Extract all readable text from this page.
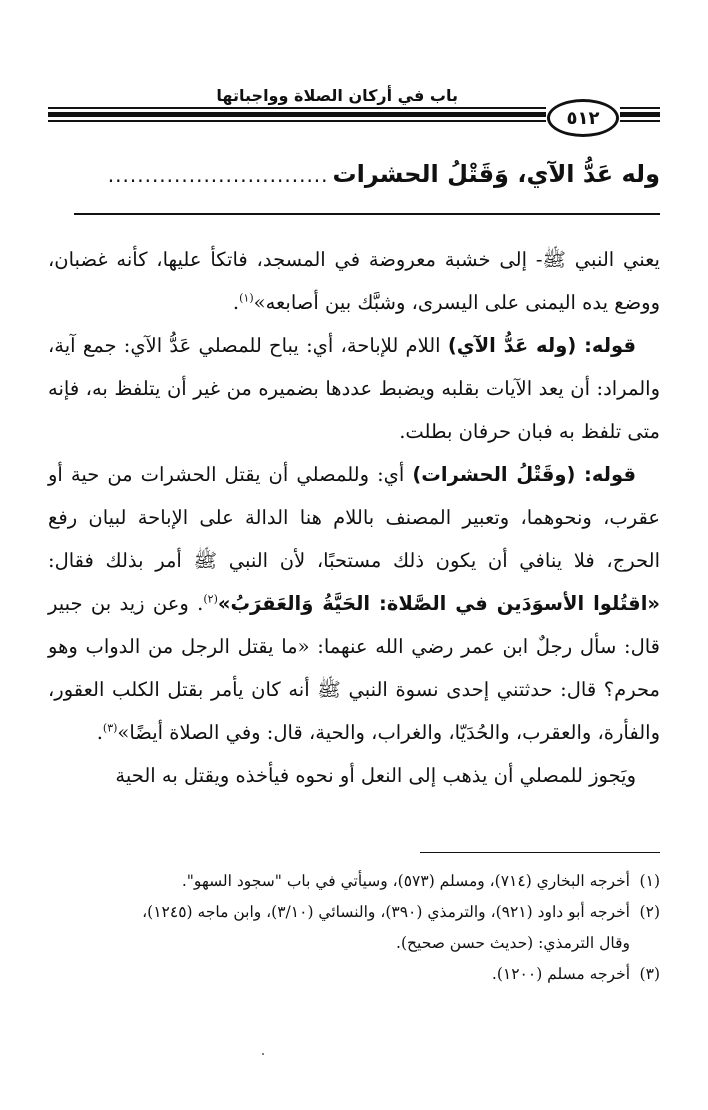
باب في أركان الصلاة وواجباتها
٥١٢
وله عَدُّ الآي، وَقَتْلُ الحشرات
..............................

يعني النبي ﷺ- إلى خشبة معروضة في المسجد، فاتكأ عليها، كأنه غضبان، ووضع يده اليمنى على اليسرى، وشبَّك بين أصابعه»$^{(١)}$.

قوله: (وله عَدُّ الآي) اللام للإباحة، أي: يباح للمصلي عَدُّ الآي: جمع آية، والمراد: أن يعد الآيات بقلبه ويضبط عددها بضميره من غير أن يتلفظ به، فإنه متى تلفظ به فبان حرفان بطلت.

قوله: (وقَتْلُ الحشرات) أي: وللمصلي أن يقتل الحشرات من حية أو عقرب، ونحوهما، وتعبير المصنف باللام هنا الدالة على الإباحة لبيان رفع الحرج، فلا ينافي أن يكون ذلك مستحبًا، لأن النبي ﷺ أمر بذلك فقال: «اقتُلوا الأسوَدَين في الصَّلاة: الحَيَّةُ وَالعَقرَبُ»$^{(٢)}$. وعن زيد بن جبير قال: سأل رجلٌ ابن عمر رضي الله عنهما: «ما يقتل الرجل من الدواب وهو محرم؟ قال: حدثتني إحدى نسوة النبي ﷺ أنه كان يأمر بقتل الكلب العقور، والفأرة، والعقرب، والحُدَيّا، والغراب، والحية، قال: وفي الصلاة أيضًا»$^{(٣)}$.

ويَجوز للمصلي أن يذهب إلى النعل أو نحوه فيأخذه ويقتل به الحية

(١)أخرجه البخاري (٧١٤)، ومسلم (٥٧٣)، وسيأتي في باب "سجود السهو".

(٢)أخرجه أبو داود (٩٢١)، والترمذي (٣٩٠)، والنسائي (٣/١٠)، وابن ماجه (١٢٤٥)،

وقال الترمذي: (حديث حسن صحيح).

(٣)أخرجه مسلم (١٢٠٠).
